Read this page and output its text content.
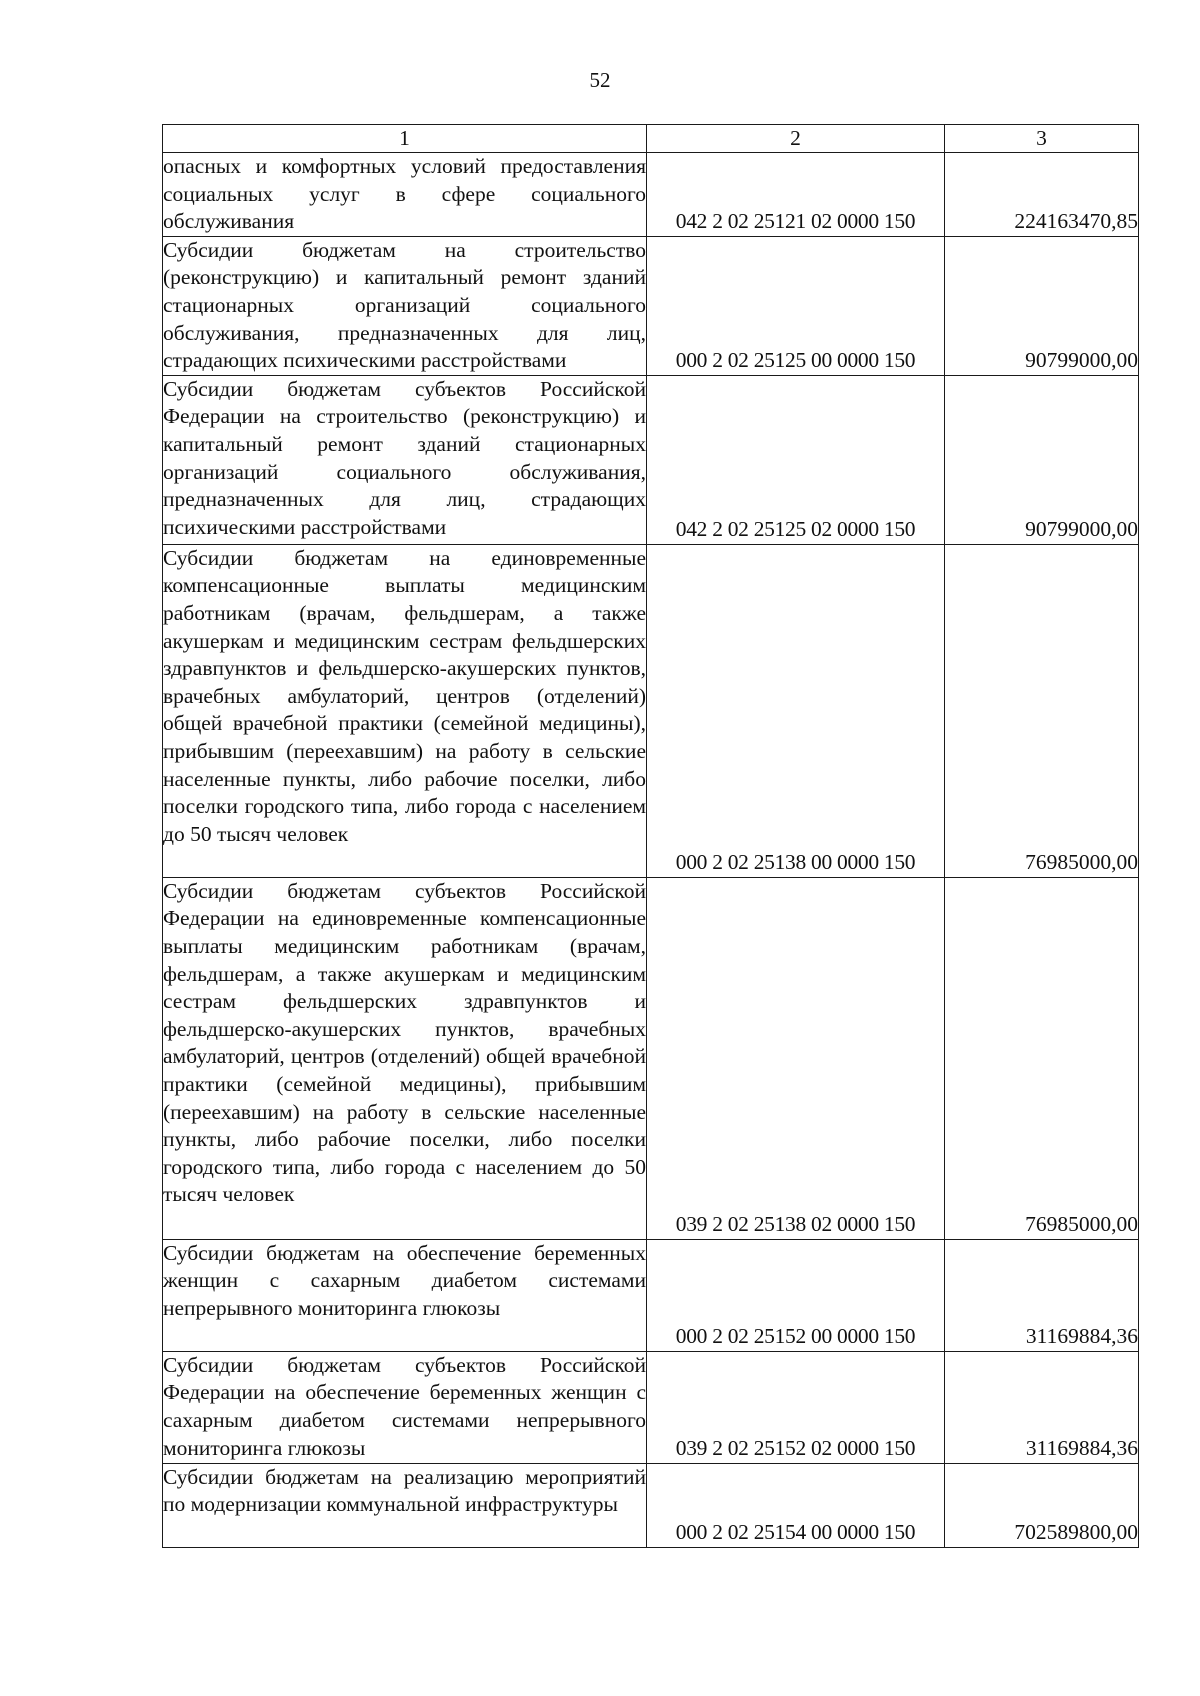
52
1	2	3
опасных и комфортных условий предоставления социальных услуг в сфере социального обслуживания	042 2 02 25121 02 0000 150	224163470,85
Субсидии бюджетам на строительство (реконструкцию) и капитальный ремонт зданий стационарных организаций социального обслуживания, предназначенных для лиц, страдающих психическими расстройствами	000 2 02 25125 00 0000 150	90799000,00
Субсидии бюджетам субъектов Российской Федерации на строительство (реконструкцию) и капитальный ремонт зданий стационарных организаций социального обслуживания, предназначенных для лиц, страдающих психическими расстройствами	042 2 02 25125 02 0000 150	90799000,00
Субсидии бюджетам на единовременные компенсационные выплаты медицинским работникам (врачам, фельдшерам, а также акушеркам и медицинским сестрам фельдшерских здравпунктов и фельдшерско-акушерских пунктов, врачебных амбулаторий, центров (отделений) общей врачебной практики (семейной медицины), прибывшим (переехавшим) на работу в сельские населенные пункты, либо рабочие поселки, либо поселки городского типа, либо города с населением до 50 тысяч человек	000 2 02 25138 00 0000 150	76985000,00
Субсидии бюджетам субъектов Российской Федерации на единовременные компенсационные выплаты медицинским работникам (врачам, фельдшерам, а также акушеркам и медицинским сестрам фельдшерских здравпунктов и фельдшерско-акушерских пунктов, врачебных амбулаторий, центров (отделений) общей врачебной практики (семейной медицины), прибывшим (переехавшим) на работу в сельские населенные пункты, либо рабочие поселки, либо поселки городского типа, либо города с населением до 50 тысяч человек	039 2 02 25138 02 0000 150	76985000,00
Субсидии бюджетам на обеспечение беременных женщин с сахарным диабетом системами непрерывного мониторинга глюкозы	000 2 02 25152 00 0000 150	31169884,36
Субсидии бюджетам субъектов Российской Федерации на обеспечение беременных женщин с сахарным диабетом системами непрерывного мониторинга глюкозы	039 2 02 25152 02 0000 150	31169884,36
Субсидии бюджетам на реализацию мероприятий по модернизации коммунальной инфраструктуры	000 2 02 25154 00 0000 150	702589800,00
